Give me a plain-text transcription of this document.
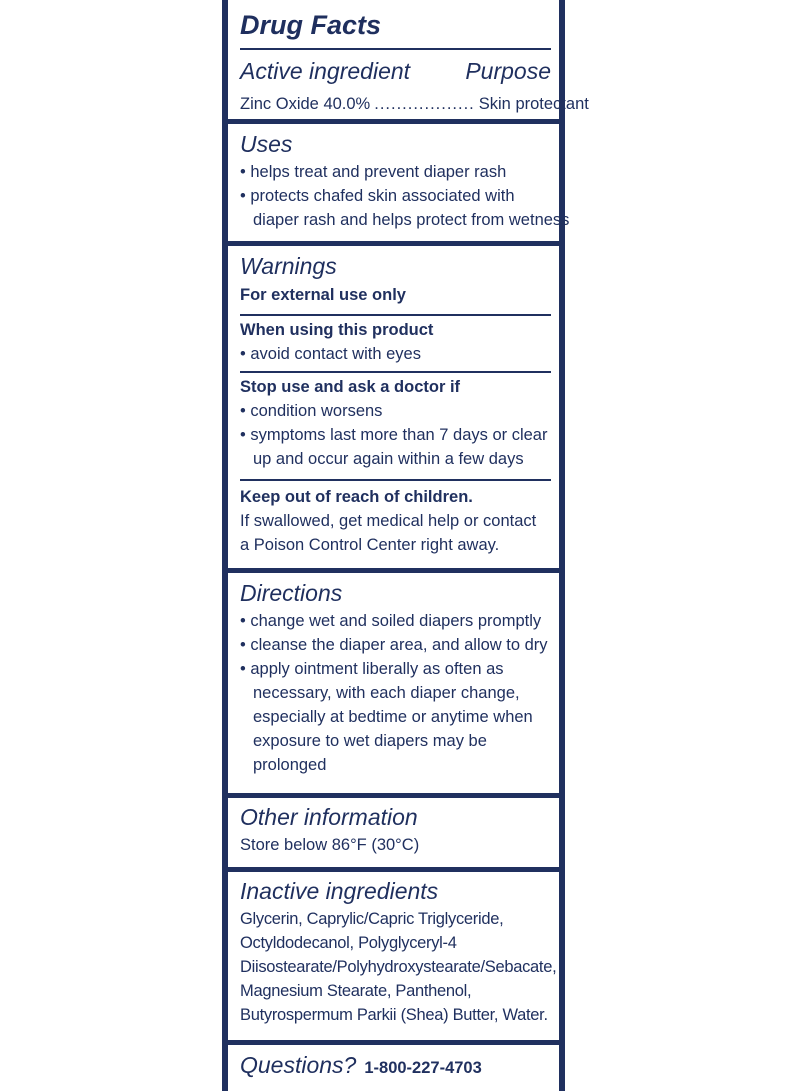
Drug Facts
Active ingredient Purpose
Zinc Oxide 40.0% .................. Skin protectant
Uses
• helps treat and prevent diaper rash
• protects chafed skin associated with
diaper rash and helps protect from wetness
Warnings
For external use only
When using this product
• avoid contact with eyes
Stop use and ask a doctor if
• condition worsens
• symptoms last more than 7 days or clear
up and occur again within a few days
Keep out of reach of children.
If swallowed, get medical help or contact
a Poison Control Center right away.
Directions
• change wet and soiled diapers promptly
• cleanse the diaper area, and allow to dry
• apply ointment liberally as often as
necessary, with each diaper change,
especially at bedtime or anytime when
exposure to wet diapers may be
prolonged
Other information
Store below 86°F (30°C)
Inactive ingredients
Glycerin, Caprylic/Capric Triglyceride,
Octyldodecanol, Polyglyceryl-4
Diisostearate/Polyhydroxystearate/Sebacate,
Magnesium Stearate, Panthenol,
Butyrospermum Parkii (Shea) Butter, Water.
Questions? 1-800-227-4703
